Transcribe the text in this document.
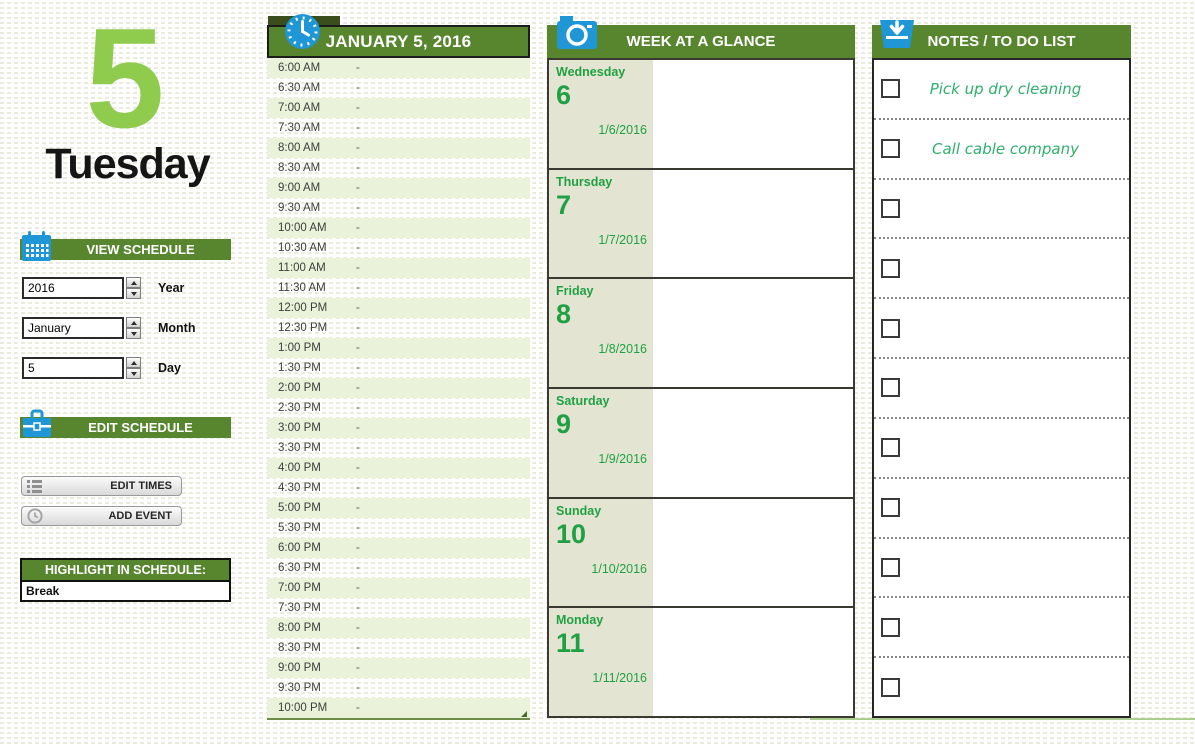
5
Tuesday
VIEW SCHEDULE
2016
Year
January
Month
5
Day
EDIT SCHEDULE
EDIT TIMES
ADD EVENT
HIGHLIGHT IN SCHEDULE:
Break
JANUARY 5, 2016
6:00 AM	-
6:30 AM	-
7:00 AM	-
7:30 AM	-
8:00 AM	-
8:30 AM	-
9:00 AM	-
9:30 AM	-
10:00 AM	-
10:30 AM	-
11:00 AM	-
11:30 AM	-
12:00 PM	-
12:30 PM	-
1:00 PM	-
1:30 PM	-
2:00 PM	-
2:30 PM	-
3:00 PM	-
3:30 PM	-
4:00 PM	-
4:30 PM	-
5:00 PM	-
5:30 PM	-
6:00 PM	-
6:30 PM	-
7:00 PM	-
7:30 PM	-
8:00 PM	-
8:30 PM	-
9:00 PM	-
9:30 PM	-
10:00 PM	-
WEEK AT A GLANCE
Wednesday
6
1/6/2016
Thursday
7
1/7/2016
Friday
8
1/8/2016
Saturday
9
1/9/2016
Sunday
10
1/10/2016
Monday
11
1/11/2016
NOTES / TO DO LIST
Pick up dry cleaning
Call cable company
